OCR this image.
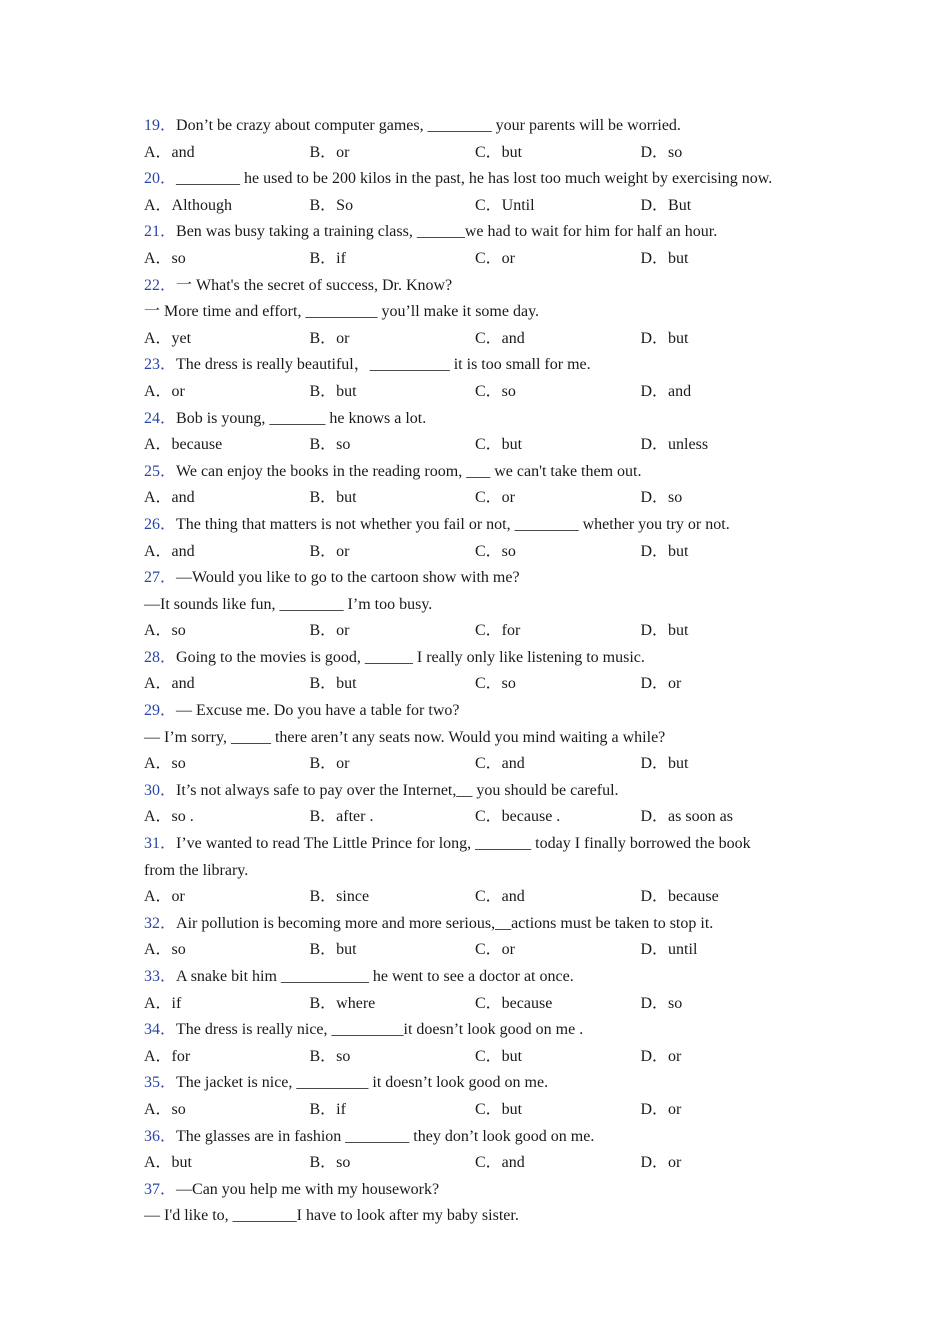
19．Don’t be crazy about computer games, ________ your parents will be worried.
A．and	B．or	C．but	D．so
20．________ he used to be 200 kilos in the past, he has lost too much weight by exercising now.
A．Although	B．So	C．Until	D．But
21．Ben was busy taking a training class, ______we had to wait for him for half an hour.
A．so	B．if	C．or	D．but
22．一 What's the secret of success, Dr. Know?
一 More time and effort, _________ you’ll make it some day.
A．yet	B．or	C．and	D．but
23．The dress is really beautiful，__________ it is too small for me.
A．or	B．but	C．so	D．and
24．Bob is young, _______ he knows a lot.
A．because	B．so	C．but	D．unless
25．We can enjoy the books in the reading room, ___ we can't take them out.
A．and	B．but	C．or	D．so
26．The thing that matters is not whether you fail or not, ________ whether you try or not.
A．and	B．or	C．so	D．but
27．—Would you like to go to the cartoon show with me?
—It sounds like fun, ________ I’m too busy.
A．so	B．or	C．for	D．but
28．Going to the movies is good, ______ I really only like listening to music.
A．and	B．but	C．so	D．or
29．— Excuse me. Do you have a table for two?
— I’m sorry, _____ there aren’t any seats now. Would you mind waiting a while?
A．so	B．or	C．and	D．but
30．It’s not always safe to pay over the Internet,__ you should be careful.
A．so .	B．after .	C．because .	D．as soon as
31．I’ve wanted to read The Little Prince for long, _______ today I finally borrowed the book
from the library.
A．or	B．since	C．and	D．because
32．Air pollution is becoming more and more serious,__actions must be taken to stop it.
A．so	B．but	C．or	D．until
33．A snake bit him ___________ he went to see a doctor at once.
A．if	B．where	C．because	D．so
34．The dress is really nice, _________it doesn’t look good on me .
A．for	B．so	C．but	D．or
35．The jacket is nice, _________ it doesn’t look good on me.
A．so	B．if	C．but	D．or
36．The glasses are in fashion ________ they don’t look good on me.
A．but	B．so	C．and	D．or
37．—Can you help me with my housework?
— I'd like to, ________I have to look after my baby sister.
